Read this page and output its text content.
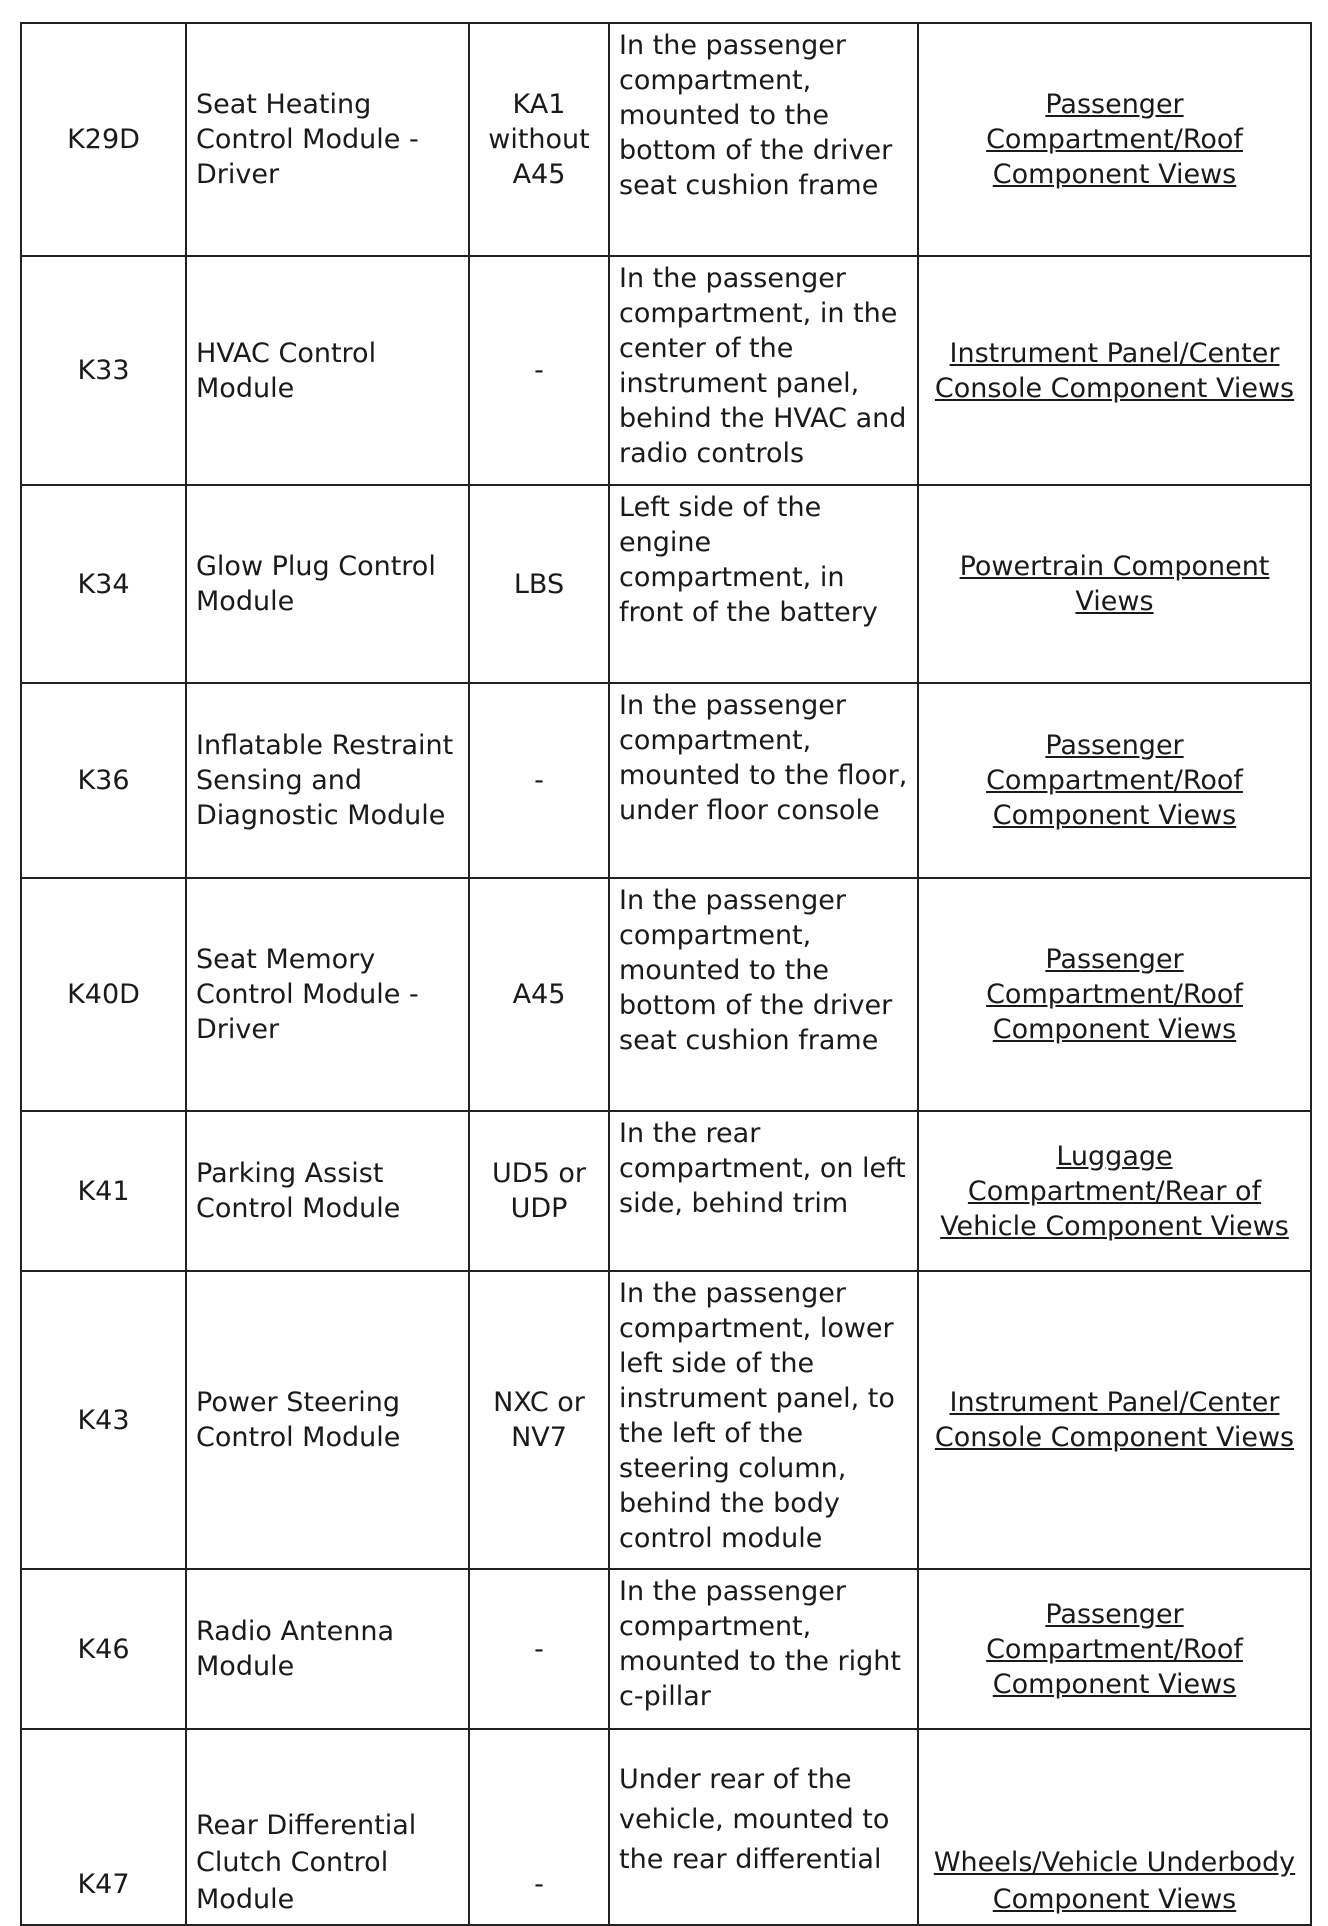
K29D	Seat Heating Control Module - Driver	KA1 without A45	In the passenger compartment, mounted to the bottom of the driver seat cushion frame	Passenger Compartment/Roof Component Views
K33	HVAC Control Module	-	In the passenger compartment, in the center of the instrument panel, behind the HVAC and radio controls	Instrument Panel/Center Console Component Views
K34	Glow Plug Control Module	LBS	Left side of the engine compartment, in front of the battery	Powertrain Component Views
K36	Inflatable Restraint Sensing and Diagnostic Module	-	In the passenger compartment, mounted to the floor, under floor console	Passenger Compartment/Roof Component Views
K40D	Seat Memory Control Module - Driver	A45	In the passenger compartment, mounted to the bottom of the driver seat cushion frame	Passenger Compartment/Roof Component Views
K41	Parking Assist Control Module	UD5 or UDP	In the rear compartment, on left side, behind trim	Luggage Compartment/Rear of Vehicle Component Views
K43	Power Steering Control Module	NXC or NV7	In the passenger compartment, lower left side of the instrument panel, to the left of the steering column, behind the body control module	Instrument Panel/Center Console Component Views
K46	Radio Antenna Module	-	In the passenger compartment, mounted to the right c-pillar	Passenger Compartment/Roof Component Views
K47	Rear Differential Clutch Control Module	-	Under rear of the vehicle, mounted to the rear differential	Wheels/Vehicle Underbody Component Views
